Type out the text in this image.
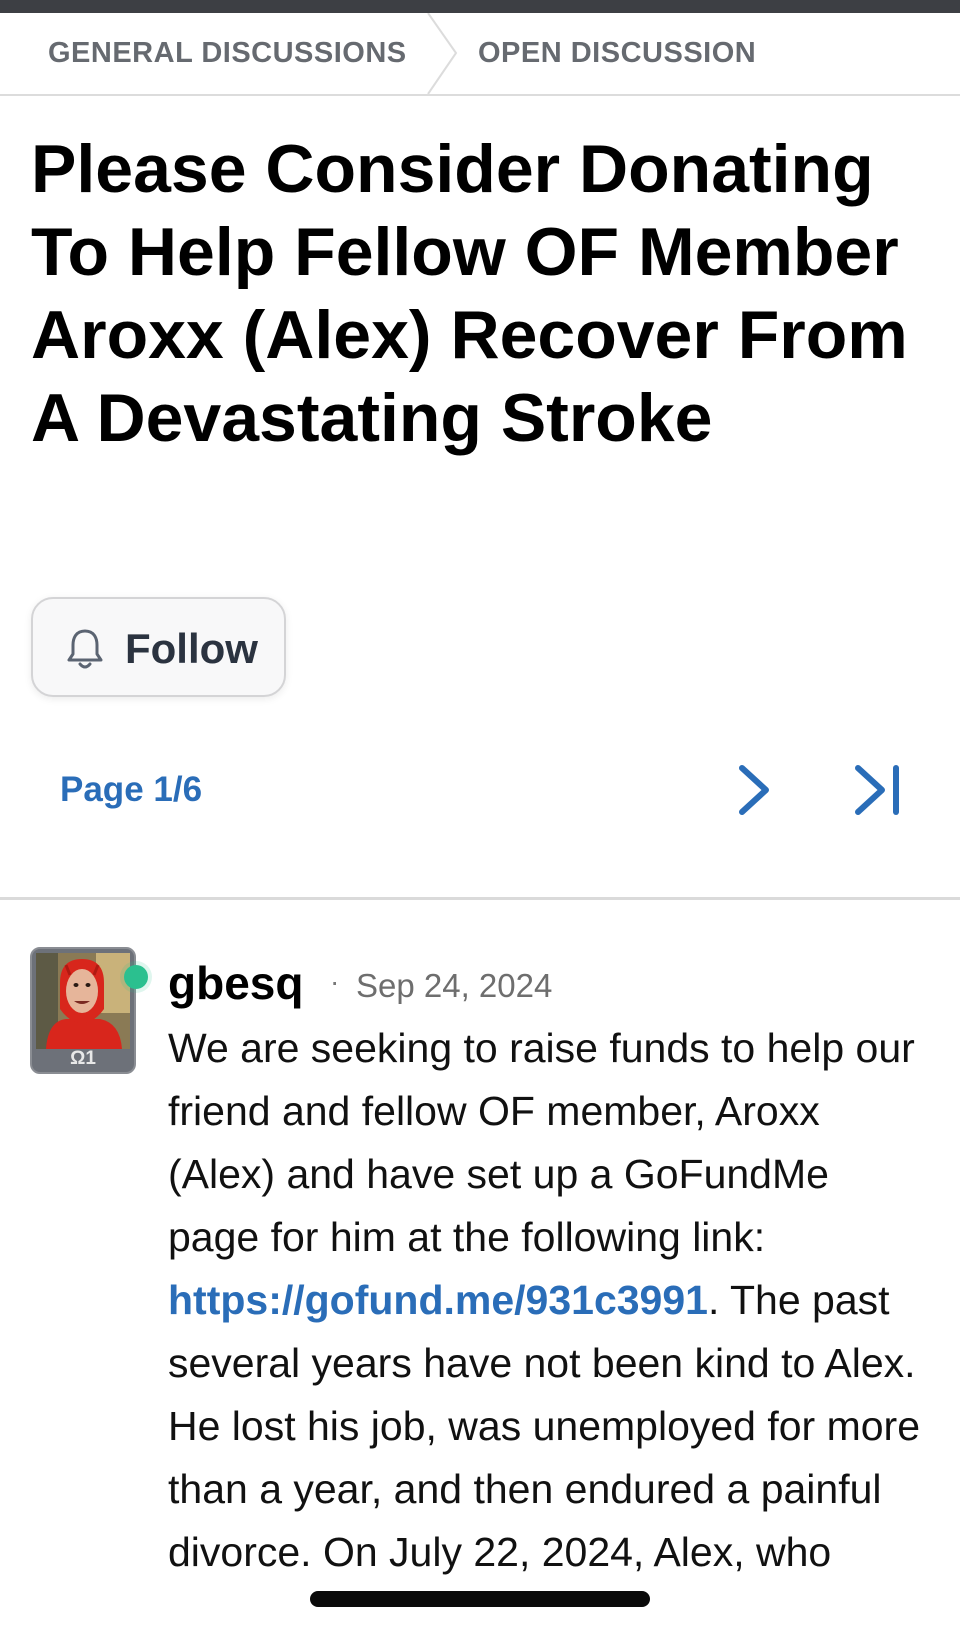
GENERAL DISCUSSIONS OPEN DISCUSSION
Please Consider Donating To Help Fellow OF Member Aroxx (Alex) Recover From A Devastating Stroke
Follow
Page 1/6
Ω1
gbesq · Sep 24, 2024

We are seeking to raise funds to help our friend and fellow OF member, Aroxx (Alex) and have set up a GoFundMe page for him at the following link: https://gofund.me/931c3991. The past several years have not been kind to Alex. He lost his job, was unemployed for more than a year, and then endured a painful divorce. On July 22, 2024, Alex, who
